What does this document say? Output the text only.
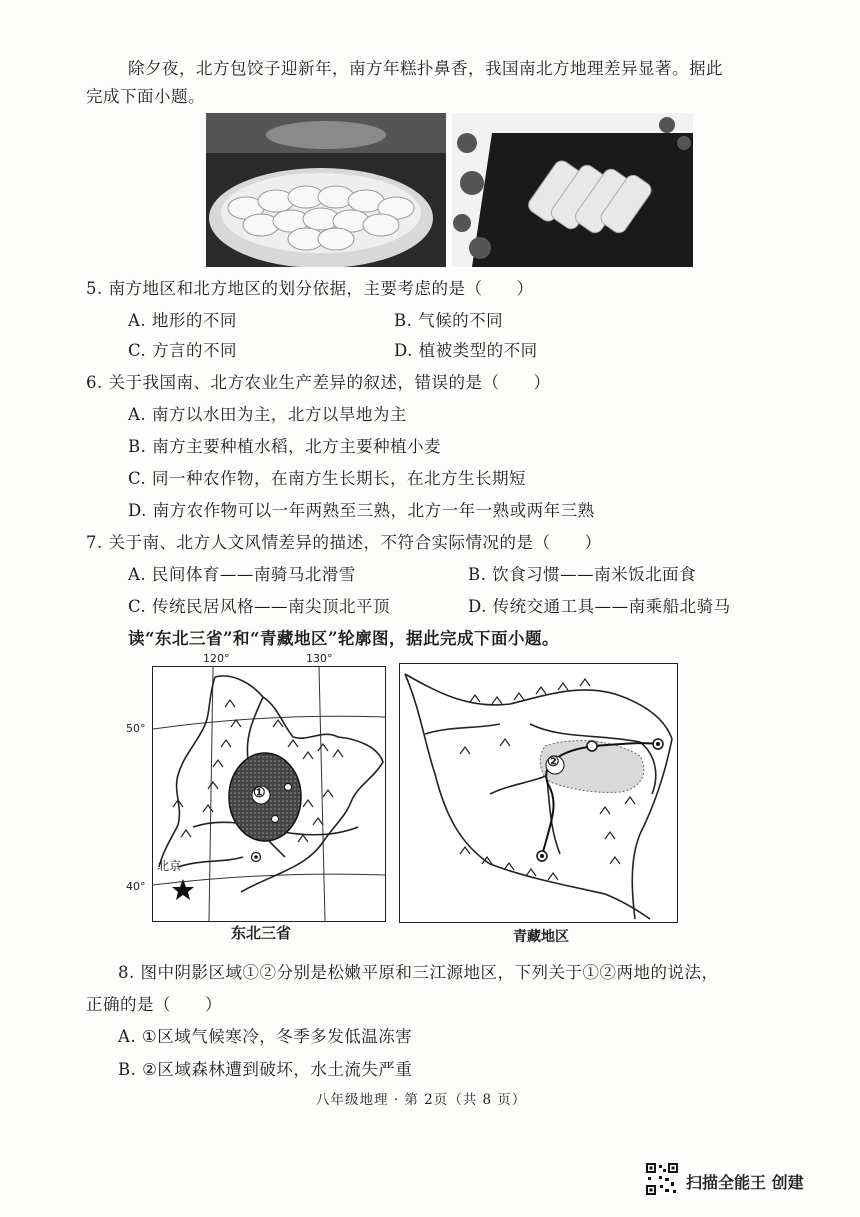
除夕夜，北方包饺子迎新年，南方年糕扑鼻香，我国南北方地理差异显著。据此
完成下面小题。
5. 南方地区和北方地区的划分依据，主要考虑的是（　　）
A. 地形的不同	B. 气候的不同
C. 方言的不同	D. 植被类型的不同
6. 关于我国南、北方农业生产差异的叙述，错误的是（　　）
A. 南方以水田为主，北方以旱地为主
B. 南方主要种植水稻，北方主要种植小麦
C. 同一种农作物，在南方生长期长，在北方生长期短
D. 南方农作物可以一年两熟至三熟，北方一年一熟或两年三熟
7. 关于南、北方人文风情差异的描述，不符合实际情况的是（　　）
A. 民间体育——南骑马北滑雪	B. 饮食习惯——南米饭北面食
C. 传统民居风格——南尖顶北平顶	D. 传统交通工具——南乘船北骑马
读“东北三省”和“青藏地区”轮廓图，据此完成下面小题。
120°	130°
50°
40°
①
北京
东北三省
②
青藏地区
8. 图中阴影区域①②分别是松嫩平原和三江源地区，下列关于①②两地的说法，
正确的是（　　）
A. ①区域气候寒冷，冬季多发低温冻害
B. ②区域森林遭到破坏，水土流失严重
八年级地理 · 第 2页（共 8 页）
扫描全能王 创建
